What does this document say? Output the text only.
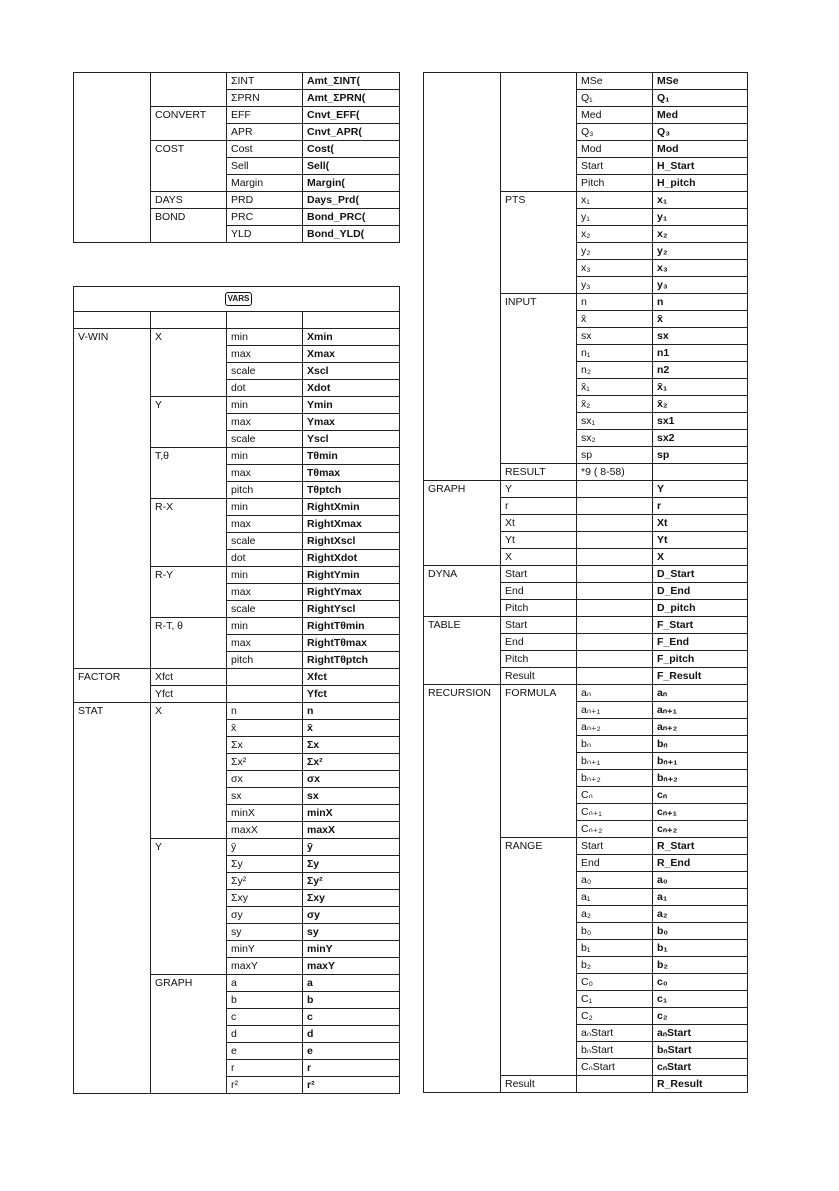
		ΣINT	Amt_ΣINT(
		ΣPRN	Amt_ΣPRN(
	CONVERT	EFF	Cnvt_EFF(
		APR	Cnvt_APR(
	COST	Cost	Cost(
		Sell	Sell(
		Margin	Margin(
	DAYS	PRD	Days_Prd(
	BOND	PRC	Bond_PRC(
		YLD	Bond_YLD(
VARS			

V-WIN	X	min	Xmin
		max	Xmax
		scale	Xscl
		dot	Xdot
	Y	min	Ymin
		max	Ymax
		scale	Yscl
	T,θ	min	Tθmin
		max	Tθmax
		pitch	Tθptch
	R-X	min	RightXmin
		max	RightXmax
		scale	RightXscl
		dot	RightXdot
	R-Y	min	RightYmin
		max	RightYmax
		scale	RightYscl
	R-T, θ	min	RightTθmin
		max	RightTθmax
		pitch	RightTθptch
FACTOR	Xfct		Xfct
	Yfct		Yfct
STAT	X	n	n
		x̄	x̄
		Σx	Σx
		Σx²	Σx²
		σx	σx
		sx	sx
		minX	minX
		maxX	maxX
	Y	ȳ	ȳ
		Σy	Σy
		Σy²	Σy²
		Σxy	Σxy
		σy	σy
		sy	sy
		minY	minY
		maxY	maxY
	GRAPH	a	a
		b	b
		c	c
		d	d
		e	e
		r	r
		r²	r²
		MSe	MSe
		Q₁	Q₁
		Med	Med
		Q₃	Q₃
		Mod	Mod
		Start	H_Start
		Pitch	H_pitch
	PTS	x₁	x₁
		y₁	y₁
		x₂	x₂
		y₂	y₂
		x₃	x₃
		y₃	y₃
	INPUT	n	n
		x̄	x̄
		sx	sx
		n₁	n1
		n₂	n2
		x̄₁	x̄₁
		x̄₂	x̄₂
		sx₁	sx1
		sx₂	sx2
		sp	sp
	RESULT	*9 ( 8-58)	
GRAPH	Y		Y
	r		r
	Xt		Xt
	Yt		Yt
	X		X
DYNA	Start		D_Start
	End		D_End
	Pitch		D_pitch
TABLE	Start		F_Start
	End		F_End
	Pitch		F_pitch
	Result		F_Result
RECURSION	FORMULA	aₙ	aₙ
		aₙ₊₁	aₙ₊₁
		aₙ₊₂	aₙ₊₂
		bₙ	bₙ
		bₙ₊₁	bₙ₊₁
		bₙ₊₂	bₙ₊₂
		Cₙ	cₙ
		Cₙ₊₁	cₙ₊₁
		Cₙ₊₂	cₙ₊₂
	RANGE	Start	R_Start
		End	R_End
		a₀	a₀
		a₁	a₁
		a₂	a₂
		b₀	b₀
		b₁	b₁
		b₂	b₂
		C₀	c₀
		C₁	c₁
		C₂	c₂
		aₙStart	aₙStart
		bₙStart	bₙStart
		CₙStart	cₙStart
	Result		R_Result
